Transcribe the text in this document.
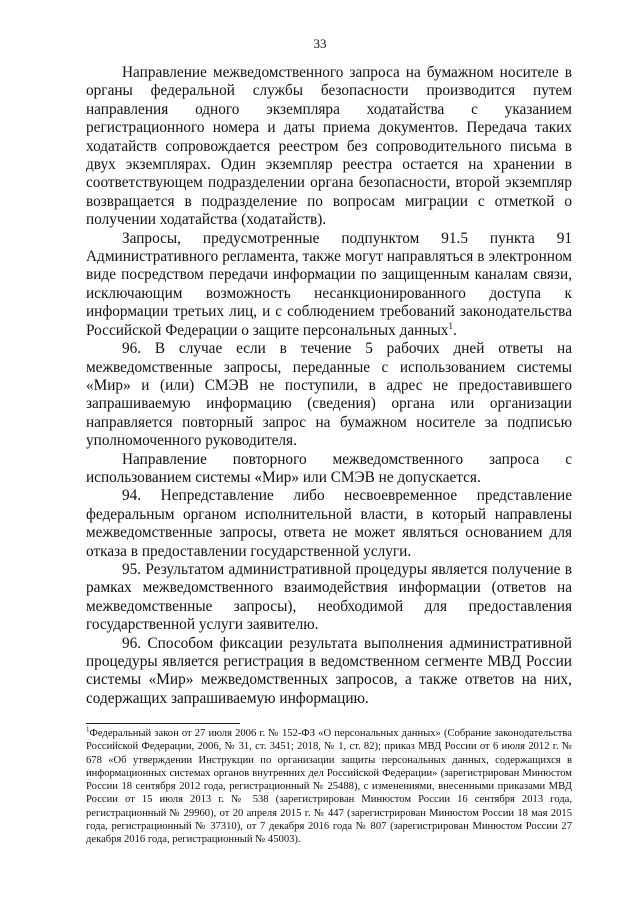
33

Направление межведомственного запроса на бумажном носителе в органы федеральной службы безопасности производится путем направления одного экземпляра ходатайства с указанием регистрационного номера и даты приема документов. Передача таких ходатайств сопровождается реестром без сопроводительного письма в двух экземплярах. Один экземпляр реестра остается на хранении в соответствующем подразделении органа безопасности, второй экземпляр возвращается в подразделение по вопросам миграции с отметкой о получении ходатайства (ходатайств).

Запросы, предусмотренные подпунктом 91.5 пункта 91 Административного регламента, также могут направляться в электронном виде посредством передачи информации по защищенным каналам связи, исключающим возможность несанкционированного доступа к информации третьих лиц, и с соблюдением требований законодательства Российской Федерации о защите персональных данных$^1$.

96. В случае если в течение 5 рабочих дней ответы на межведомственные запросы, переданные с использованием системы «Мир» и (или) СМЭВ не поступили, в адрес не предоставившего запрашиваемую информацию (сведения) органа или организации направляется повторный запрос на бумажном носителе за подписью уполномоченного руководителя.

Направление повторного межведомственного запроса с использованием системы «Мир» или СМЭВ не допускается.

94. Непредставление либо несвоевременное представление федеральным органом исполнительной власти, в который направлены межведомственные запросы, ответа не может являться основанием для отказа в предоставлении государственной услуги.

95. Результатом административной процедуры является получение в рамках межведомственного взаимодействия информации (ответов на межведомственные запросы), необходимой для предоставления государственной услуги заявителю.

96. Способом фиксации результата выполнения административной процедуры является регистрация в ведомственном сегменте МВД России системы «Мир» межведомственных запросов, а также ответов на них, содержащих запрашиваемую информацию.

$^1$Федеральный закон от 27 июля 2006 г. № 152-ФЗ «О персональных данных» (Собрание законодательства Российской Федерации, 2006, № 31, ст. 3451; 2018, № 1, ст. 82); приказ МВД России от 6 июля 2012 г. № 678 «Об утверждении Инструкции по организации защиты персональных данных, содержащихся в информационных системах органов внутренних дел Российской Федерации» (зарегистрирован Минюстом России 18 сентября 2012 года, регистрационный № 25488), с изменениями, внесенными приказами МВД России от 15 июля 2013 г. № 538 (зарегистрирован Минюстом России 16 сентября 2013 года, регистрационный № 29960), от 20 апреля 2015 г. № 447 (зарегистрирован Минюстом России 18 мая 2015 года, регистрационный № 37310), от 7 декабря 2016 года № 807 (зарегистрирован Минюстом России 27 декабря 2016 года, регистрационный № 45003).
